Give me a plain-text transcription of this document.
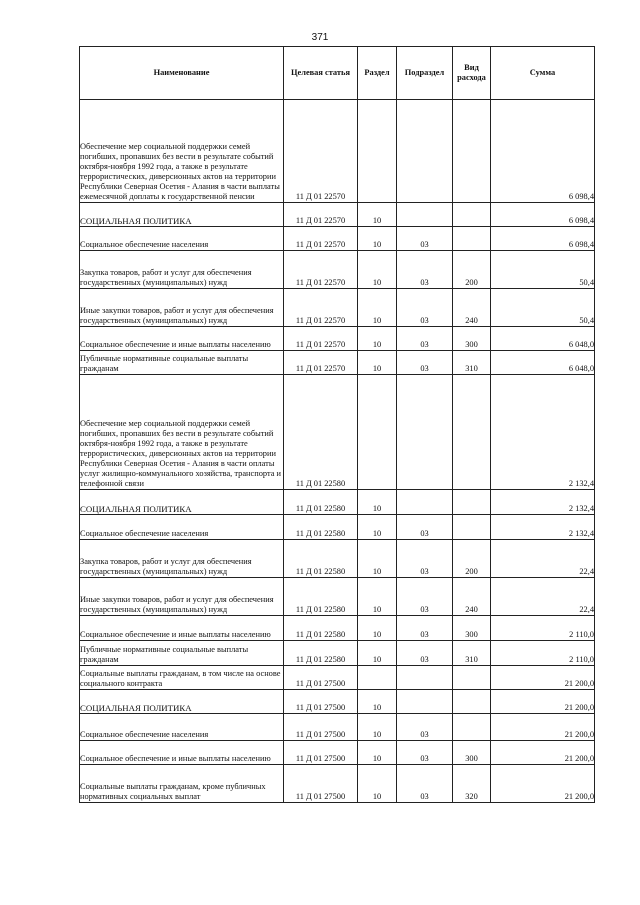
371
Наименование	Целевая статья	Раздел	Подраздел	Вид расхода	Сумма
Обеспечение мер социальной поддержки семей погибших, пропавших без вести в результате событий октября-ноября 1992 года, а также в результате террористических, диверсионных актов на территории Республики Северная Осетия - Алания в части выплаты ежемесячной доплаты к государственной пенсии	11 Д 01 22570				6 098,4
СОЦИАЛЬНАЯ ПОЛИТИКА	11 Д 01 22570	10			6 098,4
Социальное обеспечение населения	11 Д 01 22570	10	03		6 098,4
Закупка товаров, работ и услуг для обеспечения государственных (муниципальных) нужд	11 Д 01 22570	10	03	200	50,4
Иные закупки товаров, работ и услуг для обеспечения государственных (муниципальных) нужд	11 Д 01 22570	10	03	240	50,4
Социальное обеспечение и иные выплаты населению	11 Д 01 22570	10	03	300	6 048,0
Публичные нормативные социальные выплаты гражданам	11 Д 01 22570	10	03	310	6 048,0
Обеспечение мер социальной поддержки семей погибших, пропавших без вести в результате событий октября-ноября 1992 года, а также в результате террористических, диверсионных актов на территории Республики Северная Осетия - Алания в части оплаты услуг жилищно-коммунального хозяйства, транспорта и телефонной связи	11 Д 01 22580				2 132,4
СОЦИАЛЬНАЯ ПОЛИТИКА	11 Д 01 22580	10			2 132,4
Социальное обеспечение населения	11 Д 01 22580	10	03		2 132,4
Закупка товаров, работ и услуг для обеспечения государственных (муниципальных) нужд	11 Д 01 22580	10	03	200	22,4
Иные закупки товаров, работ и услуг для обеспечения государственных (муниципальных) нужд	11 Д 01 22580	10	03	240	22,4
Социальное обеспечение и иные выплаты населению	11 Д 01 22580	10	03	300	2 110,0
Публичные нормативные социальные выплаты гражданам	11 Д 01 22580	10	03	310	2 110,0
Социальные выплаты гражданам, в том числе на основе социального контракта	11 Д 01 27500				21 200,0
СОЦИАЛЬНАЯ ПОЛИТИКА	11 Д 01 27500	10			21 200,0
Социальное обеспечение населения	11 Д 01 27500	10	03		21 200,0
Социальное обеспечение и иные выплаты населению	11 Д 01 27500	10	03	300	21 200,0
Социальные выплаты гражданам, кроме публичных нормативных социальных выплат	11 Д 01 27500	10	03	320	21 200,0
